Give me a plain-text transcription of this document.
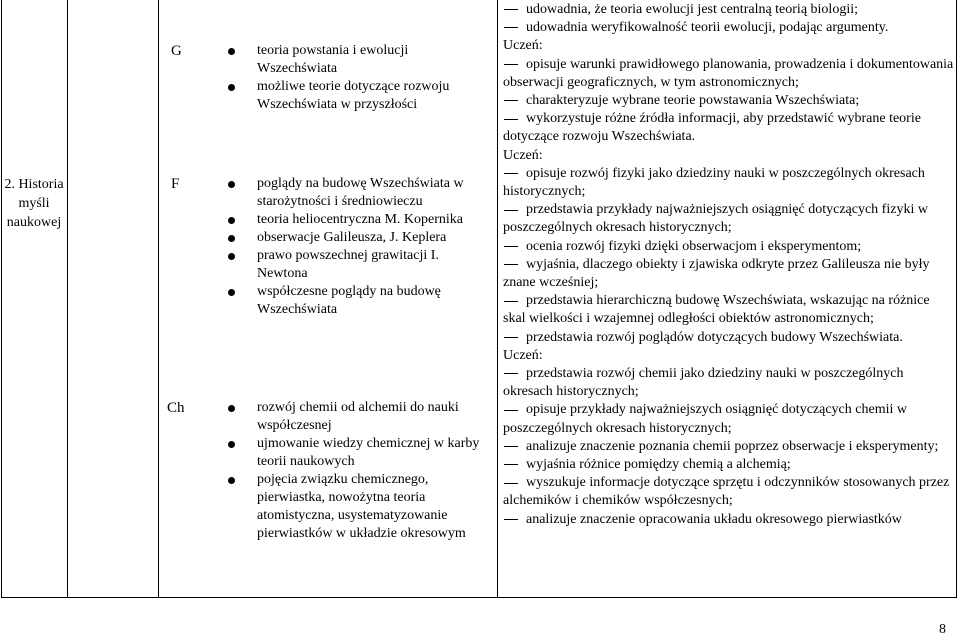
2. Historia
myśli
naukowej
G
F
Ch
teoria powstania i ewolucji Wszechświata
możliwe teorie dotyczące rozwoju Wszechświata w przyszłości
poglądy na budowę Wszechświata w starożytności i średniowieczu
teoria heliocentryczna M. Kopernika
obserwacje Galileusza, J. Keplera
prawo powszechnej grawitacji I. Newtona
współczesne poglądy na budowę Wszechświata
rozwój chemii od alchemii do nauki współczesnej
ujmowanie wiedzy chemicznej w karby teorii naukowych
pojęcia związku chemicznego, pierwiastka, nowożytna teoria atomistyczna, usystematyzowanie pierwiastków w układzie okresowym
udowadnia, że teoria ewolucji jest centralną teorią biologii;
udowadnia weryfikowalność teorii ewolucji, podając argumenty.
Uczeń:
opisuje warunki prawidłowego planowania, prowadzenia i dokumentowania obserwacji geograficznych, w tym astronomicznych;
charakteryzuje wybrane teorie powstawania Wszechświata;
wykorzystuje różne źródła informacji, aby przedstawić wybrane teorie dotyczące rozwoju Wszechświata.
Uczeń:
opisuje rozwój fizyki jako dziedziny nauki w poszczególnych okresach historycznych;
przedstawia przykłady najważniejszych osiągnięć dotyczących fizyki w poszczególnych okresach historycznych;
ocenia rozwój fizyki dzięki obserwacjom i eksperymentom;
wyjaśnia, dlaczego obiekty i zjawiska odkryte przez Galileusza nie były znane wcześniej;
przedstawia hierarchiczną budowę Wszechświata, wskazując na różnice skal wielkości i wzajemnej odległości obiektów astronomicznych;
przedstawia rozwój poglądów dotyczących budowy Wszechświata.
Uczeń:
przedstawia rozwój chemii jako dziedziny nauki w poszczególnych okresach historycznych;
opisuje przykłady najważniejszych osiągnięć dotyczących chemii w poszczególnych okresach historycznych;
analizuje znaczenie poznania chemii poprzez obserwacje i eksperymenty;
wyjaśnia różnice pomiędzy chemią a alchemią;
wyszukuje informacje dotyczące sprzętu i odczynników stosowanych przez alchemików i chemików współczesnych;
analizuje znaczenie opracowania układu okresowego pierwiastków
8
